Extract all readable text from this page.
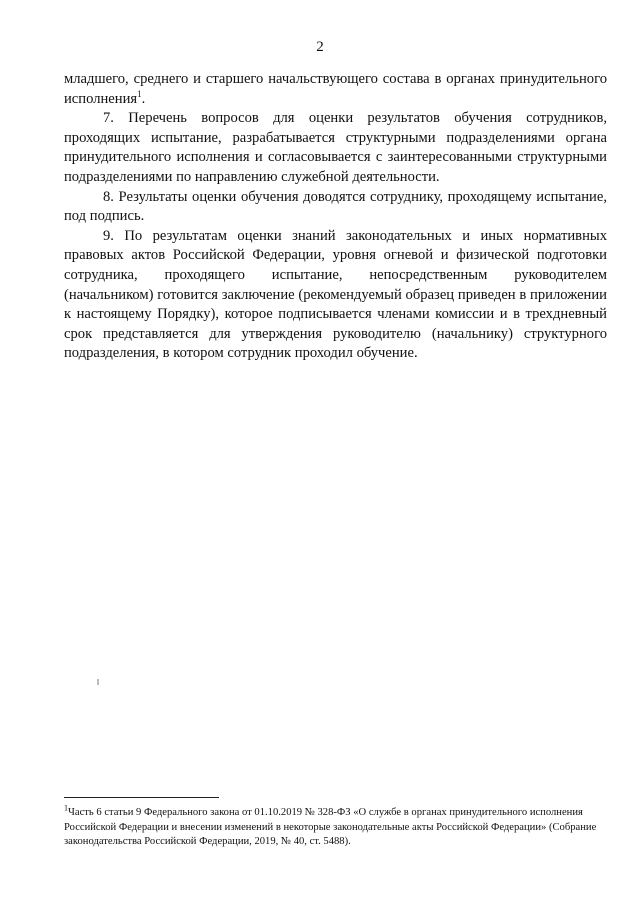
2

младшего, среднего и старшего начальствующего состава в органах принудительного исполнения$^1$.

7. Перечень вопросов для оценки результатов обучения сотрудников, проходящих испытание, разрабатывается структурными подразделениями органа принудительного исполнения и согласовывается с заинтересованными структурными подразделениями по направлению служебной деятельности.

8. Результаты оценки обучения доводятся сотруднику, проходящему испытание, под подпись.

9. По результатам оценки знаний законодательных и иных нормативных правовых актов Российской Федерации, уровня огневой и физической подготовки сотрудника, проходящего испытание, непосредственным руководителем (начальником) готовится заключение (рекомендуемый образец приведен в приложении к настоящему Порядку), которое подписывается членами комиссии и в трехдневный срок представляется для утверждения руководителю (начальнику) структурного подразделения, в котором сотрудник проходил обучение.

$^1$Часть 6 статьи 9 Федерального закона от 01.10.2019 № 328-ФЗ «О службе в органах принудительного исполнения Российской Федерации и внесении изменений в некоторые законодательные акты Российской Федерации» (Собрание законодательства Российской Федерации, 2019, № 40, ст. 5488).
